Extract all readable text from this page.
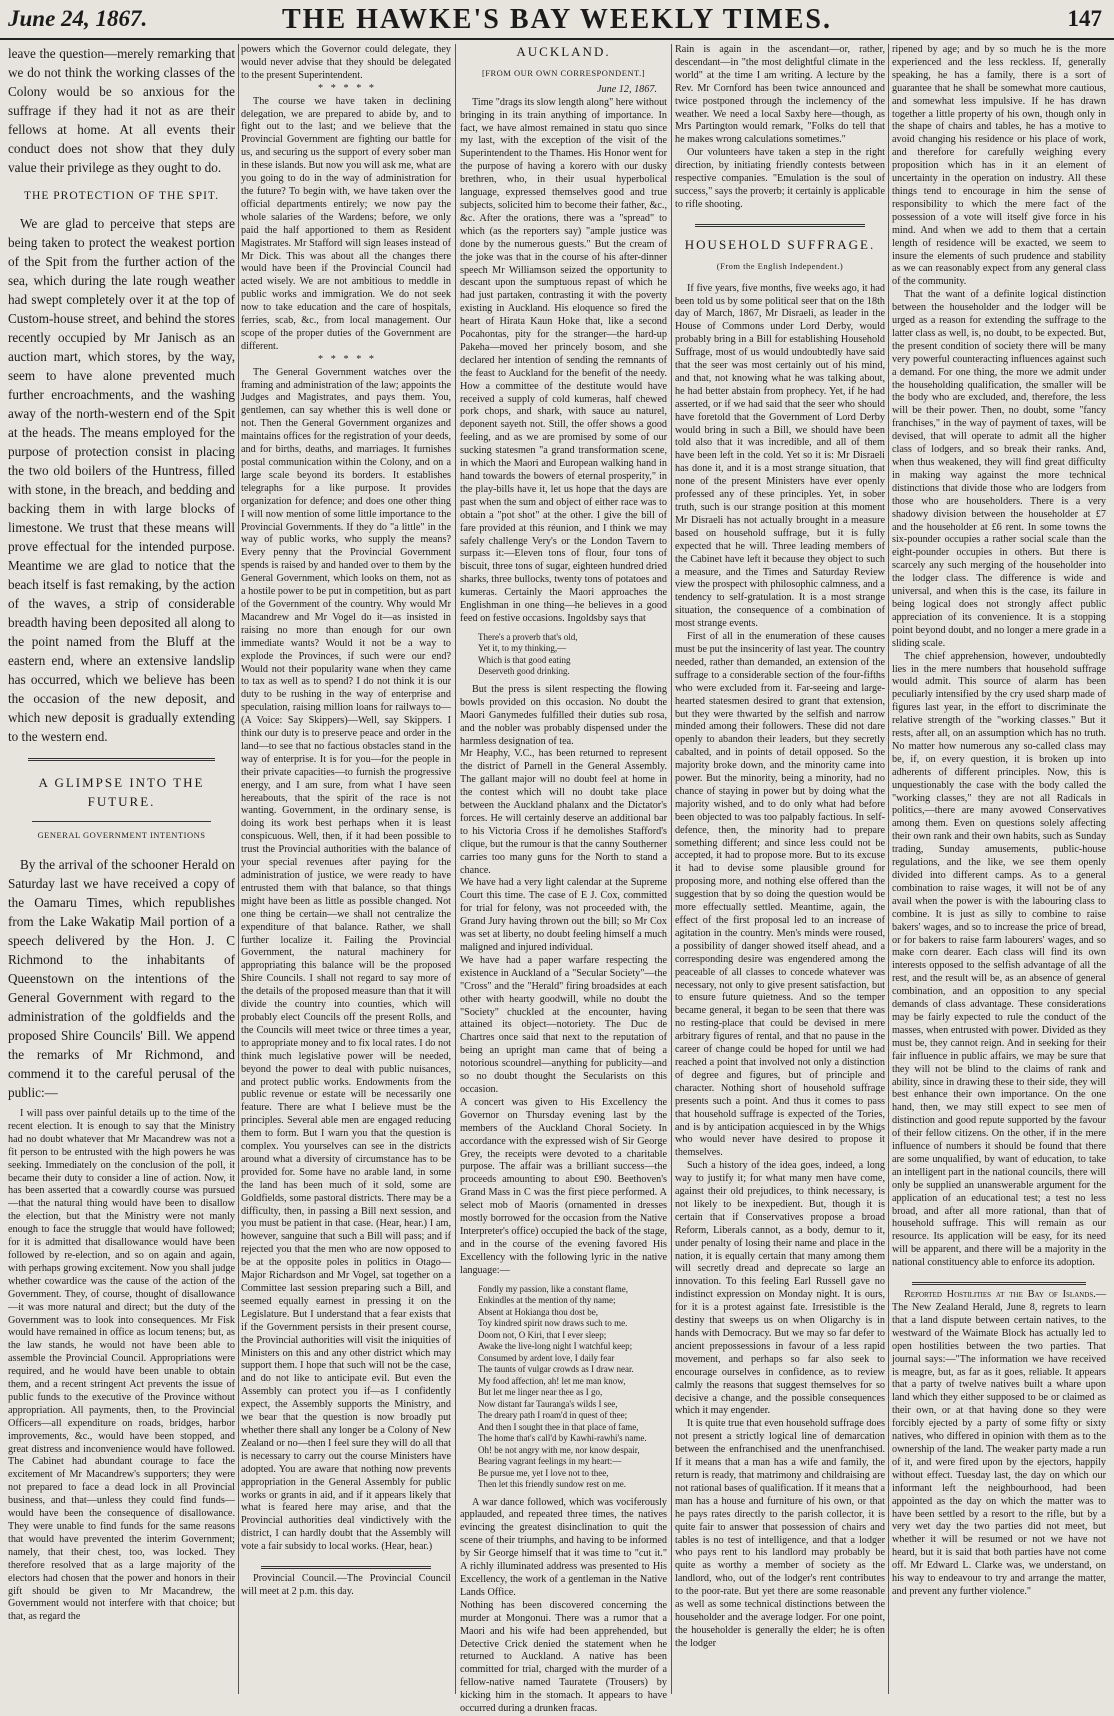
June 24, 1867.	THE HAWKE'S BAY WEEKLY TIMES.	147

leave the question—merely remarking that we do not think the working classes of the Colony would be so anxious for the suffrage if they had it not as are their fellows at home. At all events their conduct does not show that they duly value their privilege as they ought to do.

THE PROTECTION OF THE SPIT.

We are glad to perceive that steps are being taken to protect the weakest portion of the Spit from the further action of the sea, which during the late rough weather had swept completely over it at the top of Custom-house street, and behind the stores recently occupied by Mr Janisch as an auction mart, which stores, by the way, seem to have alone prevented much further encroachments, and the washing away of the north-western end of the Spit at the heads. The means employed for the purpose of protection consist in placing the two old boilers of the Huntress, filled with stone, in the breach, and bedding and backing them in with large blocks of limestone. We trust that these means will prove effectual for the intended purpose. Meantime we are glad to notice that the beach itself is fast remaking, by the action of the waves, a strip of considerable breadth having been deposited all along to the point named from the Bluff at the eastern end, where an extensive landslip has occurred, which we believe has been the occasion of the new deposit, and which new deposit is gradually extending to the western end.

A GLIMPSE INTO THE FUTURE.
GENERAL GOVERNMENT INTENTIONS

By the arrival of the schooner Herald on Saturday last we have received a copy of the Oamaru Times, which republishes from the Lake Wakatip Mail portion of a speech delivered by the Hon. J. C Richmond to the inhabitants of Queenstown on the intentions of the General Government with regard to the administration of the goldfields and the proposed Shire Councils' Bill. We append the remarks of Mr Richmond, and commend it to the careful perusal of the public:—

I will pass over painful details up to the time of the recent election. It is enough to say that the Ministry had no doubt whatever that Mr Macandrew was not a fit person to be entrusted with the high powers he was seeking. Immediately on the conclusion of the poll, it became their duty to consider a line of action. Now, it has been asserted that a cowardly course was pursued—that the natural thing would have been to disallow the election, but that the Ministry were not manly enough to face the struggle that would have followed; for it is admitted that disallowance would have been followed by re-election, and so on again and again, with perhaps growing excitement. Now you shall judge whether cowardice was the cause of the action of the Government. They, of course, thought of disallowance—it was more natural and direct; but the duty of the Government was to look into consequences. Mr Fisk would have remained in office as locum tenens; but, as the law stands, he would not have been able to assemble the Provincial Council. Appropriations were required, and he would have been unable to obtain them, and a recent stringent Act prevents the issue of public funds to the executive of the Province without appropriation. All payments, then, to the Provincial Officers—all expenditure on roads, bridges, harbor improvements, &c., would have been stopped, and great distress and inconvenience would have followed. The Cabinet had abundant courage to face the excitement of Mr Macandrew's supporters; they were not prepared to face a dead lock in all Provincial business, and that—unless they could find funds—would have been the consequence of disallowance. They were unable to find funds for the same reasons that would have prevented the interim Government; namely, that their chest, too, was locked. They therefore resolved that as a large majority of the electors had chosen that the power and honors in their gift should be given to Mr Macandrew, the Government would not interfere with that choice; but that, as regard the

powers which the Governor could delegate, they would never advise that they should be delegated to the present Superintendent.

*   *   *   *   *

The course we have taken in declining delegation, we are prepared to abide by, and to fight out to the last; and we believe that the Provincial Government are fighting our battle for us, and securing us the support of every sober man in these islands. But now you will ask me, what are you going to do in the way of administration for the future? To begin with, we have taken over the official departments entirely; we now pay the whole salaries of the Wardens; before, we only paid the half apportioned to them as Resident Magistrates. Mr Stafford will sign leases instead of Mr Dick. This was about all the changes there would have been if the Provincial Council had acted wisely. We are not ambitious to meddle in public works and immigration. We do not seek now to take education and the care of hospitals, ferries, scab, &c., from local management. Our scope of the proper duties of the Government are different.

*   *   *   *   *

The General Government watches over the framing and administration of the law; appoints the Judges and Magistrates, and pays them. You, gentlemen, can say whether this is well done or not. Then the General Government organizes and maintains offices for the registration of your deeds, and for births, deaths, and marriages. It furnishes postal communication within the Colony, and on a large scale beyond its borders. It establishes telegraphs for a like purpose. It provides organization for defence; and does one other thing I will now mention of some little importance to the Provincial Governments. If they do "a little" in the way of public works, who supply the means? Every penny that the Provincial Government spends is raised by and handed over to them by the General Government, which looks on them, not as a hostile power to be put in competition, but as part of the Government of the country. Why would Mr Macandrew and Mr Vogel do it—as insisted in raising no more than enough for our own immediate wants? Would it not be a way to explode the Provinces, if such were our end? Would not their popularity wane when they came to tax as well as to spend? I do not think it is our duty to be rushing in the way of enterprise and speculation, raising million loans for railways to—(A Voice: Say Skippers)—Well, say Skippers. I think our duty is to preserve peace and order in the land—to see that no factious obstacles stand in the way of enterprise. It is for you—for the people in their private capacities—to furnish the progressive energy, and I am sure, from what I have seen hereabouts, that the spirit of the race is not wanting. Government, in the ordinary sense, is doing its work best perhaps when it is least conspicuous. Well, then, if it had been possible to trust the Provincial authorities with the balance of your special revenues after paying for the administration of justice, we were ready to have entrusted them with that balance, so that things might have been as little as possible changed. Not one thing be certain—we shall not centralize the expenditure of that balance. Rather, we shall further localize it. Failing the Provincial Government, the natural machinery for appropriating this balance will be the proposed Shire Councils. I shall not regard to say more of the details of the proposed measure than that it will divide the country into counties, which will probably elect Councils off the present Rolls, and the Councils will meet twice or three times a year, to appropriate money and to fix local rates. I do not think much legislative power will be needed, beyond the power to deal with public nuisances, and protect public works. Endowments from the public revenue or estate will be necessarily one feature. There are what I believe must be the principles. Several able men are engaged reducing them to form. But I warn you that the question is complex. You yourselves can see in the districts around what a diversity of circumstance has to be provided for. Some have no arable land, in some the land has been much of it sold, some are Goldfields, some pastoral districts. There may be a difficulty, then, in passing a Bill next session, and you must be patient in that case. (Hear, hear.) I am, however, sanguine that such a Bill will pass; and if rejected you that the men who are now opposed to be at the opposite poles in politics in Otago—Major Richardson and Mr Vogel, sat together on a Committee last session preparing such a Bill, and seemed equally earnest in pressing it on the Legislature. But I understand that a fear exists that if the Government persists in their present course, the Provincial authorities will visit the iniquities of Ministers on this and any other district which may support them. I hope that such will not be the case, and do not like to anticipate evil. But even the Assembly can protect you if—as I confidently expect, the Assembly supports the Ministry, and we bear that the question is now broadly put whether there shall any longer be a Colony of New Zealand or no—then I feel sure they will do all that is necessary to carry out the course Ministers have adopted. You are aware that nothing now prevents appropriation in the General Assembly for public works or grants in aid, and if it appears likely that what is feared here may arise, and that the Provincial authorities deal vindictively with the district, I can hardly doubt that the Assembly will vote a fair subsidy to local works. (Hear, hear.)

Provincial Council.—The Provincial Council will meet at 2 p.m. this day.

AUCKLAND.
[FROM OUR OWN CORRESPONDENT.]

June 12, 1867.

Time "drags its slow length along" here without bringing in its train anything of importance. In fact, we have almost remained in statu quo since my last, with the exception of the visit of the Superintendent to the Thames. His Honor went for the purpose of having a korero with our dusky brethren, who, in their usual hyperbolical language, expressed themselves good and true subjects, solicited him to become their father, &c., &c. After the orations, there was a "spread" to which (as the reporters say) "ample justice was done by the numerous guests." But the cream of the joke was that in the course of his after-dinner speech Mr Williamson seized the opportunity to descant upon the sumptuous repast of which he had just partaken, contrasting it with the poverty existing in Auckland. His eloquence so fired the heart of Hirata Kaun Hoke that, like a second Pocahontas, pity for the stranger—the hard-up Pakeha—moved her princely bosom, and she declared her intention of sending the remnants of the feast to Auckland for the benefit of the needy. How a committee of the destitute would have received a supply of cold kumeras, half chewed pork chops, and shark, with sauce au naturel, deponent sayeth not. Still, the offer shows a good feeling, and as we are promised by some of our sucking statesmen "a grand transformation scene, in which the Maori and European walking hand in hand towards the bowers of eternal prosperity," in the play-bills have it, let us hope that the days are past when the sum and object of either race was to obtain a "pot shot" at the other. I give the bill of fare provided at this réunion, and I think we may safely challenge Very's or the London Tavern to surpass it:—Eleven tons of flour, four tons of biscuit, three tons of sugar, eighteen hundred dried sharks, three bullocks, twenty tons of potatoes and kumeras. Certainly the Maori approaches the Englishman in one thing—he believes in a good feed on festive occasions. Ingoldsby says that

There's a proverb that's old,
Yet it, to my thinking,—
Which is that good eating
Deserveth good drinking.

But the press is silent respecting the flowing bowls provided on this occasion. No doubt the Maori Ganymedes fulfilled their duties sub rosa, and the nobler was probably dispensed under the harmless designation of tea.
Mr Heaphy, V.C., has been returned to represent the district of Parnell in the General Assembly. The gallant major will no doubt feel at home in the contest which will no doubt take place between the Auckland phalanx and the Dictator's forces. He will certainly deserve an additional bar to his Victoria Cross if he demolishes Stafford's clique, but the rumour is that the canny Southerner carries too many guns for the North to stand a chance.
We have had a very light calendar at the Supreme Court this time. The case of E J. Cox, committed for trial for felony, was not proceeded with, the Grand Jury having thrown out the bill; so Mr Cox was set at liberty, no doubt feeling himself a much maligned and injured individual.
We have had a paper warfare respecting the existence in Auckland of a "Secular Society"—the "Cross" and the "Herald" firing broadsides at each other with hearty goodwill, while no doubt the "Society" chuckled at the encounter, having attained its object—notoriety. The Duc de Chartres once said that next to the reputation of being an upright man came that of being a notorious scoundrel—anything for publicity—and so no doubt thought the Secularists on this occasion.
A concert was given to His Excellency the Governor on Thursday evening last by the members of the Auckland Choral Society. In accordance with the expressed wish of Sir George Grey, the receipts were devoted to a charitable purpose. The affair was a brilliant success—the proceeds amounting to about £90. Beethoven's Grand Mass in C was the first piece performed. A select mob of Maoris (ornamented in dresses mostly borrowed for the occasion from the Native Interpreter's office) occupied the back of the stage, and in the course of the evening favored His Excellency with the following lyric in the native language:—

Fondly my passion, like a constant flame,
Enkindles at the mention of thy name;
Absent at Hokianga thou dost be,
Toy kindred spirit now draws such to me.
Doom not, O Kiri, that I ever sleep;
Awake the live-long night I watchful keep;
Consumed by ardent love, I daily fear
The taunts of vulgar crowds as I draw near.
My food affection, ah! let me man know,
But let me linger near thee as I go,
Now distant far Tauranga's wilds I see,
The dreary path I roam'd in quest of thee;
And then I sought thee in that place of fame,
The home that's call'd by Kawhi-rawhi's name.
Oh! be not angry with me, nor know despair,
Bearing vagrant feelings in my heart:—
Be pursue me, yet I love not to thee,
Then let this friendly sundow rest on me.

A war dance followed, which was vociferously applauded, and repeated three times, the natives evincing the greatest disinclination to quit the scene of their triumphs, and having to be informed by Sir George himself that it was time to "cut it." A richly illuminated address was presented to His Excellency, the work of a gentleman in the Native Lands Office.
Nothing has been discovered concerning the murder at Mongonui. There was a rumor that a Maori and his wife had been apprehended, but Detective Crick denied the statement when he returned to Auckland. A native has been committed for trial, charged with the murder of a fellow-native named Tauratete (Trousers) by kicking him in the stomach. It appears to have occurred during a drunken fracas.

Rain is again in the ascendant—or, rather, descendant—in "the most delightful climate in the world" at the time I am writing. A lecture by the Rev. Mr Cornford has been twice announced and twice postponed through the inclemency of the weather. We need a local Saxby here—though, as Mrs Partington would remark, "Folks do tell that he makes wrong calculations sometimes."

Our volunteers have taken a step in the right direction, by initiating friendly contests between respective companies. "Emulation is the soul of success," says the proverb; it certainly is applicable to rifle shooting.

HOUSEHOLD SUFFRAGE.
(From the English Independent.)

If five years, five months, five weeks ago, it had been told us by some political seer that on the 18th day of March, 1867, Mr Disraeli, as leader in the House of Commons under Lord Derby, would probably bring in a Bill for establishing Household Suffrage, most of us would undoubtedly have said that the seer was most certainly out of his mind, and that, not knowing what he was talking about, he had better abstain from prophecy. Yet, if he had asserted, or if we had said that the seer who should have foretold that the Government of Lord Derby would bring in such a Bill, we should have been told also that it was incredible, and all of them have been left in the cold. Yet so it is: Mr Disraeli has done it, and it is a most strange situation, that none of the present Ministers have ever openly professed any of these principles. Yet, in sober truth, such is our strange position at this moment Mr Disraeli has not actually brought in a measure based on household suffrage, but it is fully expected that he will. Three leading members of the Cabinet have left it because they object to such a measure, and the Times and Saturday Review view the prospect with philosophic calmness, and a tendency to self-gratulation. It is a most strange situation, the consequence of a combination of most strange events.

First of all in the enumeration of these causes must be put the insincerity of last year. The country needed, rather than demanded, an extension of the suffrage to a considerable section of the four-fifths who were excluded from it. Far-seeing and large-hearted statesmen desired to grant that extension, but they were thwarted by the selfish and narrow minded among their followers. These did not dare openly to abandon their leaders, but they secretly cabalted, and in points of detail opposed. So the majority broke down, and the minority came into power. But the minority, being a minority, had no chance of staying in power but by doing what the majority wished, and to do only what had before been objected to was too palpably factious. In self-defence, then, the minority had to prepare something different; and since less could not be accepted, it had to propose more. But to its excuse it had to devise some plausible ground for proposing more, and nothing else offered than the suggestion that by so doing the question would be more effectually settled. Meantime, again, the effect of the first proposal led to an increase of agitation in the country. Men's minds were roused, a possibility of danger showed itself ahead, and a corresponding desire was engendered among the peaceable of all classes to concede whatever was necessary, not only to give present satisfaction, but to ensure future quietness. And so the temper became general, it began to be seen that there was no resting-place that could be devised in mere arbitrary figures of rental, and that no pause in the career of change could be hoped for until we had reached a point that involved not only a distinction of degree and figures, but of principle and character. Nothing short of household suffrage presents such a point. And thus it comes to pass that household suffrage is expected of the Tories, and is by anticipation acquiesced in by the Whigs who would never have desired to propose it themselves.

Such a history of the idea goes, indeed, a long way to justify it; for what many men have come, against their old prejudices, to think necessary, is not likely to be inexpedient. But, though it is certain that if Conservatives propose a broad Reform, Liberals cannot, as a body, demur to it, under penalty of losing their name and place in the nation, it is equally certain that many among them will secretly dread and deprecate so large an innovation. To this feeling Earl Russell gave no indistinct expression on Monday night. It is ours, for it is a protest against fate. Irresistible is the destiny that sweeps us on when Oligarchy is in hands with Democracy. But we may so far defer to ancient prepossessions in favour of a less rapid movement, and perhaps so far also seek to encourage ourselves in confidence, as to review calmly the reasons that suggest themselves for so decisive a change, and the possible consequences which it may engender.

It is quite true that even household suffrage does not present a strictly logical line of demarcation between the enfranchised and the unenfranchised. If it means that a man has a wife and family, the return is ready, that matrimony and childraising are not rational bases of qualification. If it means that a man has a house and furniture of his own, or that he pays rates directly to the parish collector, it is quite fair to answer that possession of chairs and tables is no test of intelligence, and that a lodger who pays rent to his landlord may probably be quite as worthy a member of society as the landlord, who, out of the lodger's rent contributes to the poor-rate. But yet there are some reasonable as well as some technical distinctions between the householder and the average lodger. For one point, the householder is generally the elder; he is often the lodger

ripened by age; and by so much he is the more experienced and the less reckless. If, generally speaking, he has a family, there is a sort of guarantee that he shall be somewhat more cautious, and somewhat less impulsive. If he has drawn together a little property of his own, though only in the shape of chairs and tables, he has a motive to avoid changing his residence or his place of work, and therefore for carefully weighing every proposition which has in it an element of uncertainty in the operation on industry. All these things tend to encourage in him the sense of responsibility to which the mere fact of the possession of a vote will itself give force in his mind. And when we add to them that a certain length of residence will be exacted, we seem to insure the elements of such prudence and stability as we can reasonably expect from any general class of the community.

That the want of a definite logical distinction between the householder and the lodger will be urged as a reason for extending the suffrage to the latter class as well, is, no doubt, to be expected. But, the present condition of society there will be many very powerful counteracting influences against such a demand. For one thing, the more we admit under the householding qualification, the smaller will be the body who are excluded, and, therefore, the less will be their power. Then, no doubt, some "fancy franchises," in the way of payment of taxes, will be devised, that will operate to admit all the higher class of lodgers, and so break their ranks. And, when thus weakened, they will find great difficulty in making way against the more technical distinctions that divide those who are lodgers from those who are householders. There is a very shadowy division between the householder at £7 and the householder at £6 rent. In some towns the six-pounder occupies a rather social scale than the eight-pounder occupies in others. But there is scarcely any such merging of the householder into the lodger class. The difference is wide and universal, and when this is the case, its failure in being logical does not strongly affect public appreciation of its convenience. It is a stopping point beyond doubt, and no longer a mere grade in a sliding scale.

The chief apprehension, however, undoubtedly lies in the mere numbers that household suffrage would admit. This source of alarm has been peculiarly intensified by the cry used sharp made of figures last year, in the effort to discriminate the relative strength of the "working classes." But it rests, after all, on an assumption which has no truth. No matter how numerous any so-called class may be, if, on every question, it is broken up into adherents of different principles. Now, this is unquestionably the case with the body called the "working classes," they are not all Radicals in politics,—there are many avowed Conservatives among them. Even on questions solely affecting their own rank and their own habits, such as Sunday trading, Sunday amusements, public-house regulations, and the like, we see them openly divided into different camps. As to a general combination to raise wages, it will not be of any avail when the power is with the labouring class to combine. It is just as silly to combine to raise bakers' wages, and so to increase the price of bread, or for bakers to raise farm labourers' wages, and so make corn dearer. Each class will find its own interests opposed to the selfish advantage of all the rest, and the result will be, as an absence of general combination, and an opposition to any special demands of class advantage. These considerations may be fairly expected to rule the conduct of the masses, when entrusted with power. Divided as they must be, they cannot reign. And in seeking for their fair influence in public affairs, we may be sure that they will not be blind to the claims of rank and ability, since in drawing these to their side, they will best enhance their own importance. On the one hand, then, we may still expect to see men of distinction and good repute supported by the favour of their fellow citizens. On the other, if in the mere influence of numbers it should be found that there are some unqualified, by want of education, to take an intelligent part in the national councils, there will only be supplied an unanswerable argument for the application of an educational test; a test no less broad, and after all more rational, than that of household suffrage. This will remain as our resource. Its application will be easy, for its need will be apparent, and there will be a majority in the national constituency able to enforce its adoption.

Reported Hostilities at the Bay of Islands.—The New Zealand Herald, June 8, regrets to learn that a land dispute between certain natives, to the westward of the Waimate Block has actually led to open hostilities between the two parties. That journal says:—"The information we have received is meagre, but, as far as it goes, reliable. It appears that a party of twelve natives built a whare upon land which they either supposed to be or claimed as their own, or at that having done so they were forcibly ejected by a party of some fifty or sixty natives, who differed in opinion with them as to the ownership of the land. The weaker party made a run of it, and were fired upon by the ejectors, happily without effect. Tuesday last, the day on which our informant left the neighbourhood, had been appointed as the day on which the matter was to have been settled by a resort to the rifle, but by a very wet day the two parties did not meet, but whether it will be resumed or not we have not heard, but it is said that both parties have not come off. Mr Edward L. Clarke was, we understand, on his way to endeavour to try and arrange the matter, and prevent any further violence."
